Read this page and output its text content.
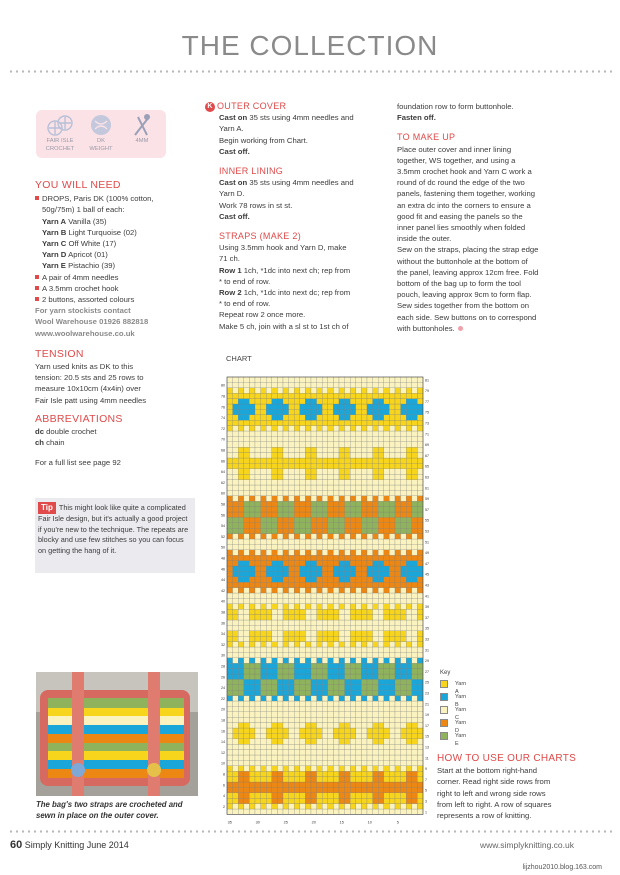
THE COLLECTION
FAIR ISLE
CROCHET
DK
WEIGHT
4MM
YOU WILL NEED
DROPS, Paris DK (100% cotton,
50g/75m) 1 ball of each:
Yarn A Vanilla (35)
Yarn B Light Turquoise (02)
Yarn C Off White (17)
Yarn D Apricot (01)
Yarn E Pistachio (39)
A pair of 4mm needles
A 3.5mm crochet hook
2 buttons, assorted colours
For yarn stockists contact
Wool Warehouse 01926 882818
www.woolwarehouse.co.uk
TENSION
Yarn used knits as DK to this
tension: 20.5 sts and 25 rows to
measure 10x10cm (4x4in) over
Fair Isle patt using 4mm needles
ABBREVIATIONS
dc double crochet
ch chain
For a full list see page 92
Tip This might look like quite a complicated Fair Isle design, but it's actually a good project if you're new to the technique. The repeats are blocky and use few stitches so you can focus on getting the hang of it.
K OUTER COVER
Cast on 35 sts using 4mm needles and
Yarn A.
Begin working from Chart.
Cast off.
INNER LINING
Cast on 35 sts using 4mm needles and
Yarn D.
Work 78 rows in st st.
Cast off.
STRAPS (MAKE 2)
Using 3.5mm hook and Yarn D, make
71 ch.
Row 1 1ch, *1dc into next ch; rep from
* to end of row.
Row 2 1ch, *1dc into next dc; rep from
* to end of row.
Repeat row 2 once more.
Make 5 ch, join with a sl st to 1st ch of
foundation row to form buttonhole.
Fasten off.
TO MAKE UP
Place outer cover and inner lining
together, WS together, and using a
3.5mm crochet hook and Yarn C work a
round of dc round the edge of the two
panels, fastening them together, working
an extra dc into the corners to ensure a
good fit and easing the panels so the
inner panel lies smoothly when folded
inside the outer.
Sew on the straps, placing the strap edge
without the buttonhole at the bottom of
the panel, leaving approx 12cm free. Fold
bottom of the bag up to form the tool
pouch, leaving approx 9cm to form flap.
Sew sides together from the bottom on
each side. Sew buttons on to correspond
with buttonholes.
CHART
2
4
6
8
10
12
14
16
18
20
22
24
26
28
30
32
34
36
38
40
42
44
46
48
50
52
54
56
58
60
62
64
66
68
70
72
74
76
78
80
1
3
5
7
9
11
13
15
17
19
21
23
25
27
29
31
33
35
37
39
41
43
45
47
49
51
53
55
57
59
61
63
65
67
69
71
73
75
77
79
81
35	30	25	20	15	10	5
Key
Yarn A
Yarn B
Yarn C
Yarn D
Yarn E
HOW TO USE OUR CHARTS
Start at the bottom right-hand
corner. Read right side rows from
right to left and wrong side rows
from left to right. A row of squares
represents a row of knitting.
The bag's two straps are crocheted and
sewn in place on the outer cover.
60 Simply Knitting June 2014	www.simplyknitting.co.uk
lijzhou2010.blog.163.com
